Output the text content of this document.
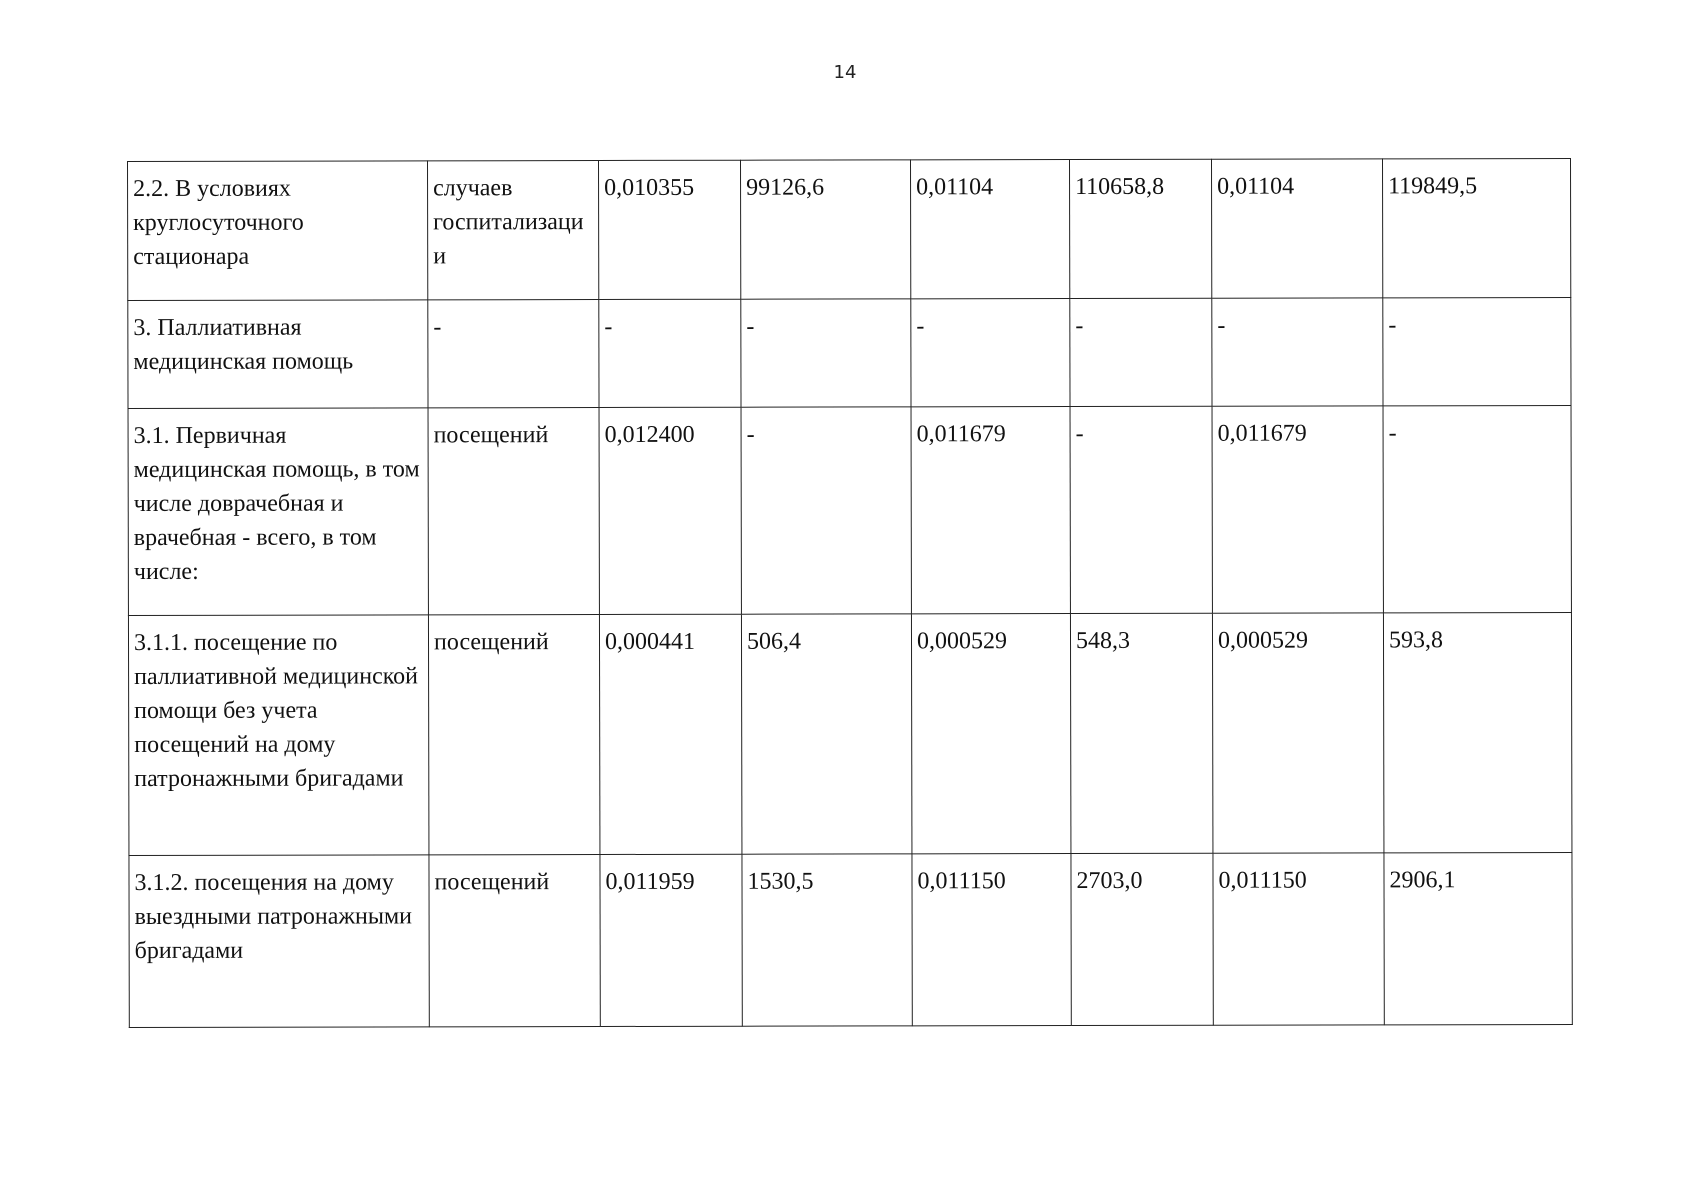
14
2.2. В условиях круглосуточного стационара	случаев госпитализации	0,010355	99126,6	0,01104	110658,8	0,01104	119849,5
3. Паллиативная медицинская помощь	-	-	-	-	-	-	-
3.1. Первичная медицинская помощь, в том числе доврачебная и врачебная - всего, в том числе:	посещений	0,012400	-	0,011679	-	0,011679	-
3.1.1. посещение по паллиативной медицинской помощи без учета посещений на дому патронажными бригадами	посещений	0,000441	506,4	0,000529	548,3	0,000529	593,8
3.1.2. посещения на дому выездными патронажными бригадами	посещений	0,011959	1530,5	0,011150	2703,0	0,011150	2906,1
